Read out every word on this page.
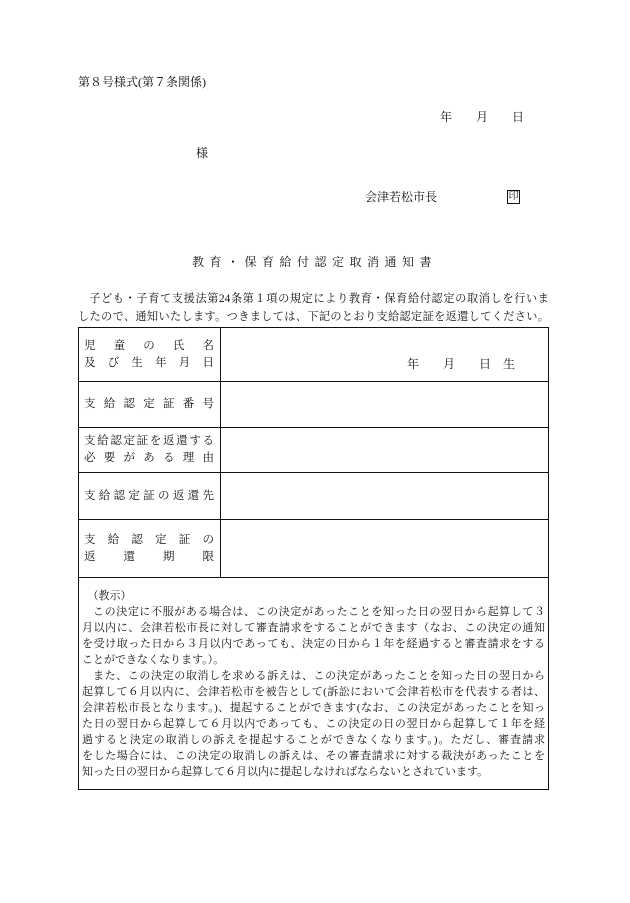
第８号様式(第７条関係)
年　　月　　日
様
会津若松市長	印
教育・保育給付認定取消通知書
子ども・子育て支援法第24条第１項の規定により教育・保育給付認定の取消しを行いま
したので、通知いたします。つきましては、下記のとおり支給認定証を返還してください。
児童の氏名
及び生年月日	年　　月　　日　生
支給認定証番号
支給認定証を返還する
必要がある理由
支給認定証の返還先
支給認定証の
返還期限
（教示）
この決定に不服がある場合は、この決定があったことを知った日の翌日から起算して３
月以内に、会津若松市長に対して審査請求をすることができます（なお、この決定の通知
を受け取った日から３月以内であっても、決定の日から１年を経過すると審査請求をする
ことができなくなります。）。
また、この決定の取消しを求める訴えは、この決定があったことを知った日の翌日から
起算して６月以内に、会津若松市を被告として(訴訟において会津若松市を代表する者は、
会津若松市長となります。)、提起することができます(なお、この決定があったことを知っ
た日の翌日から起算して６月以内であっても、この決定の日の翌日から起算して１年を経
過すると決定の取消しの訴えを提起することができなくなります。)。ただし、審査請求
をした場合には、この決定の取消しの訴えは、その審査請求に対する裁決があったことを
知った日の翌日から起算して６月以内に提起しなければならないとされています。
